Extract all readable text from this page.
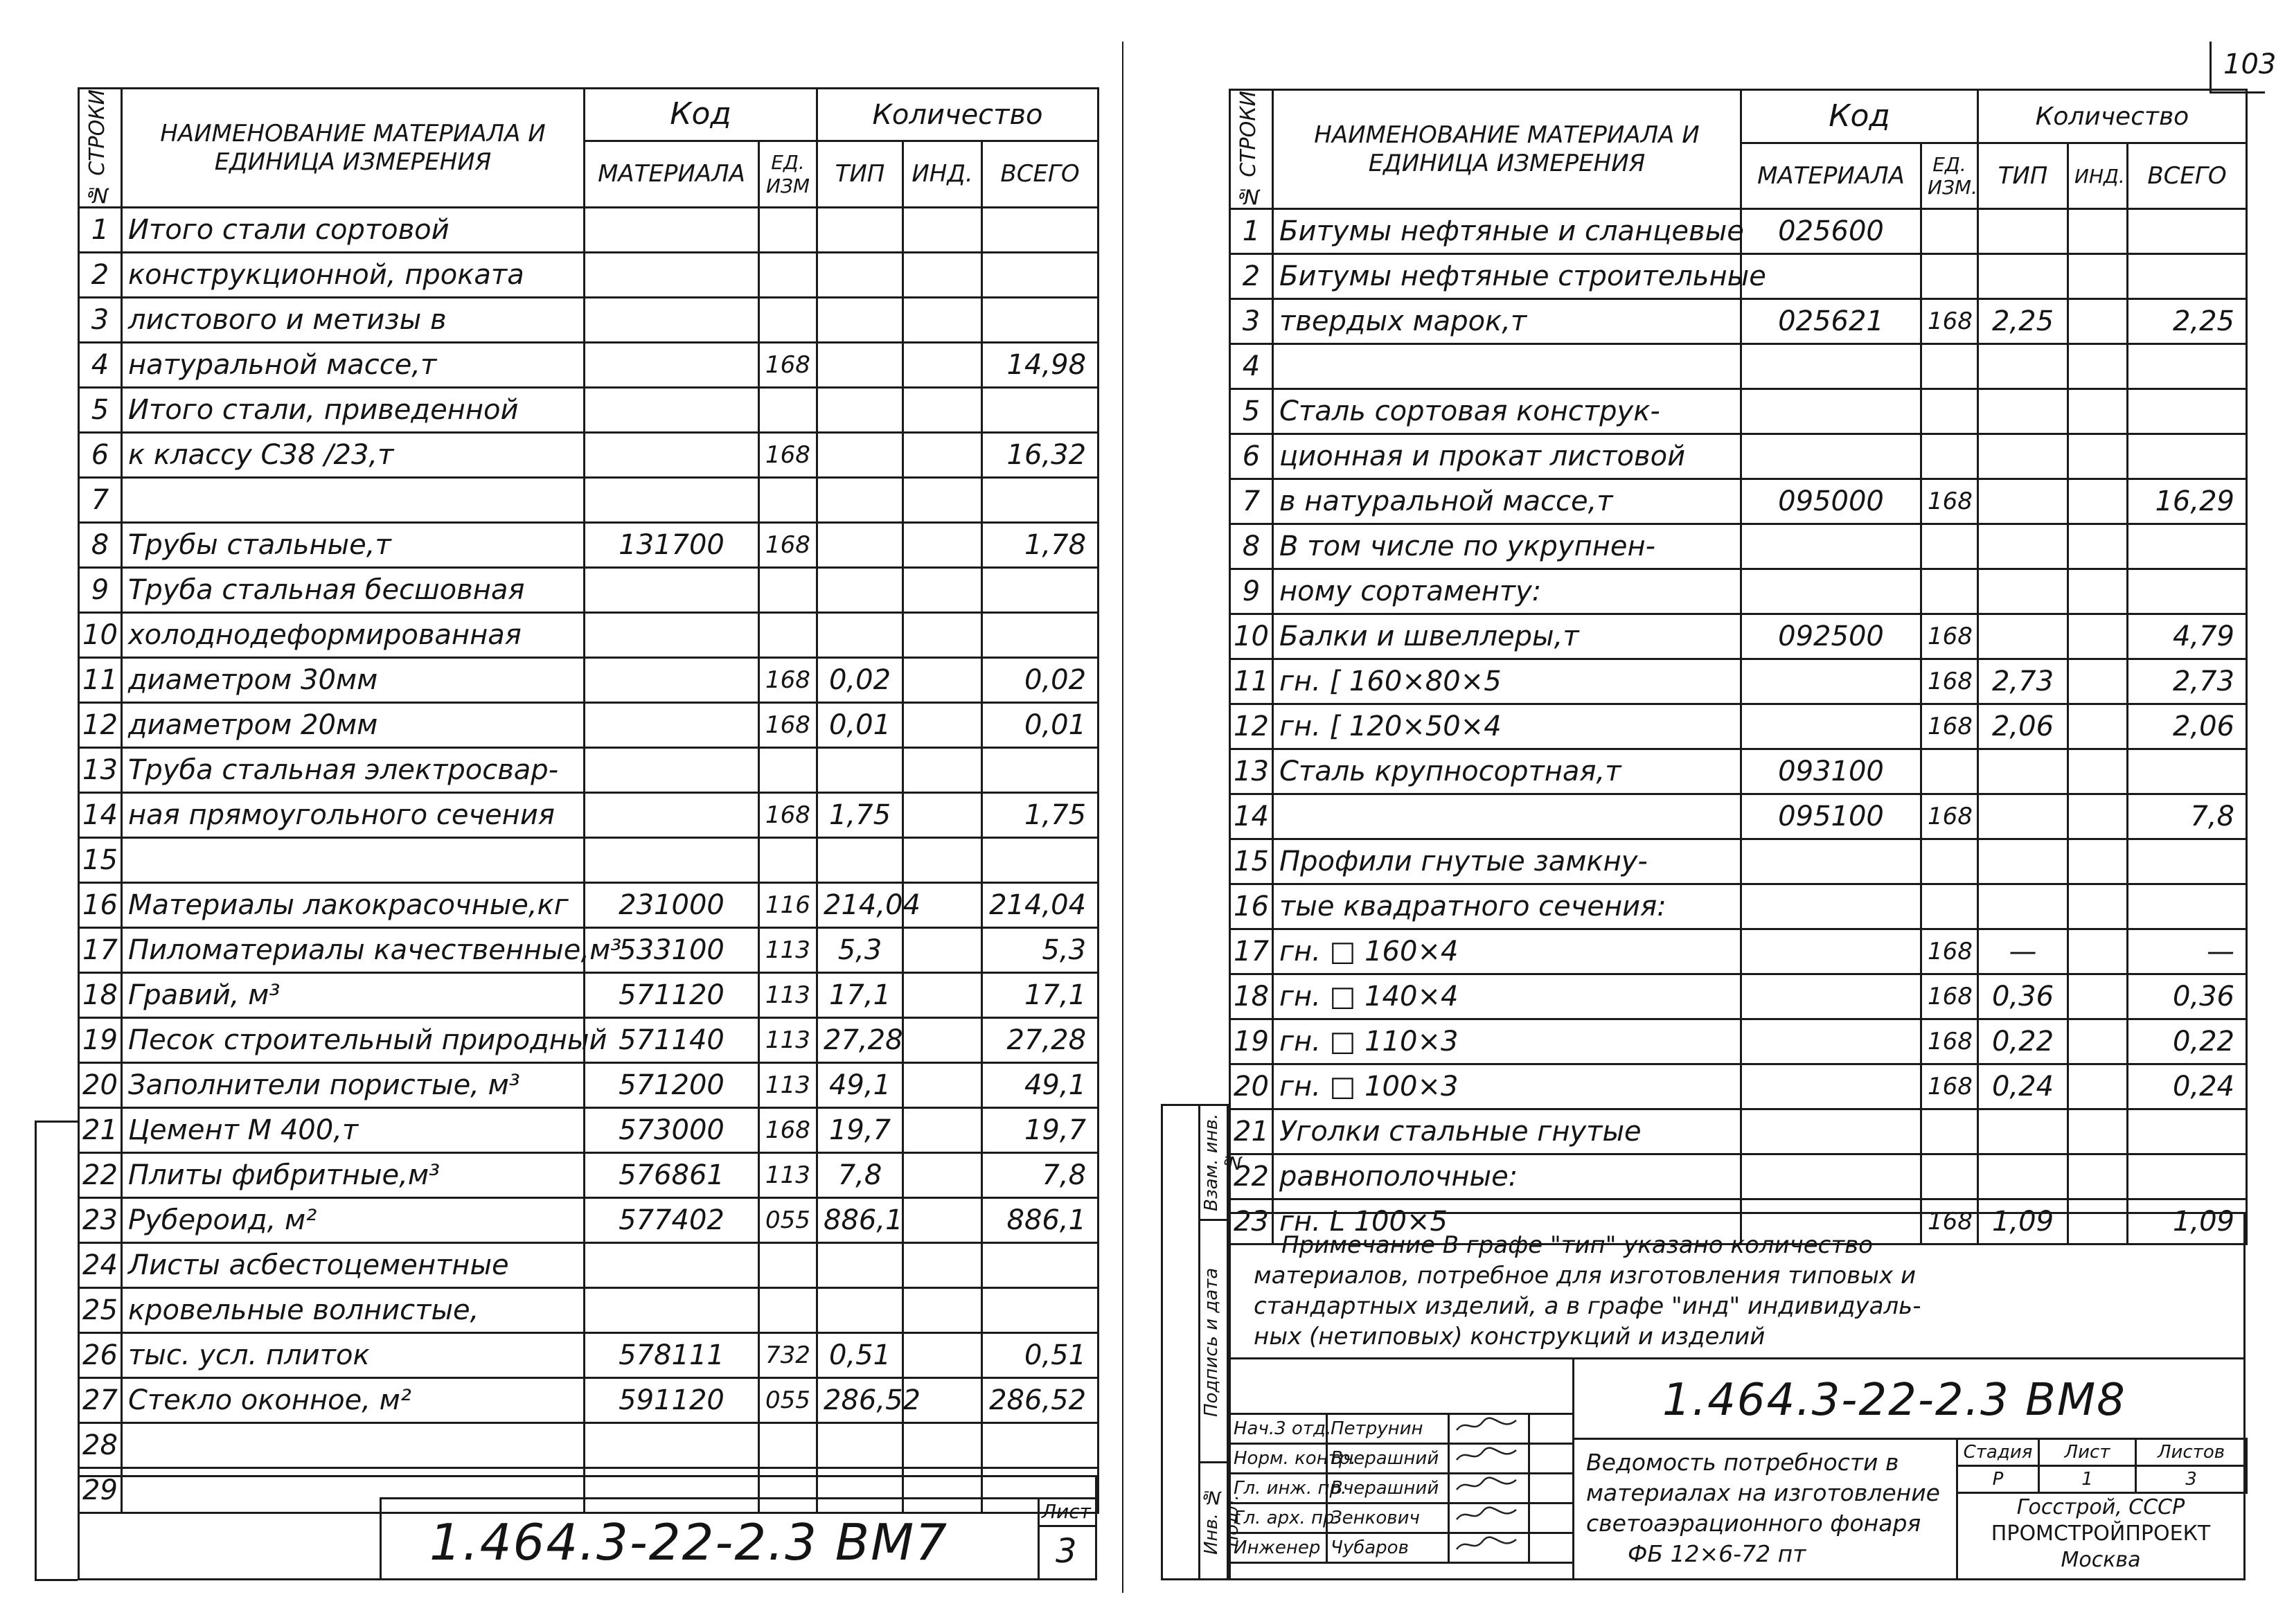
№ СТРОКИ	НАИМЕНОВАНИЕ МАТЕРИАЛА И ЕДИНИЦА ИЗМЕРЕНИЯ	Код		Количество		
		МАТЕРИАЛА	ЕД. ИЗМ	ТИП	ИНД.	ВСЕГО
1	Итого стали сортовой					
2	конструкционной, проката					
3	листового и метизы в					
4	натуральной массе,т		168			14,98
5	Итого стали, приведенной					
6	к классу С38 /23,т		168			16,32
7						
8	Трубы стальные,т	131700	168			1,78
9	Труба стальная бесшовная					
10	холоднодеформированная					
11	диаметром 30мм		168	0,02		0,02
12	диаметром 20мм		168	0,01		0,01
13	Труба стальная электросвар-					
14	ная прямоугольного сечения		168	1,75		1,75
15						
16	Материалы лакокрасочные,кг	231000	116	214,04		214,04
17	Пиломатериалы качественные,м³	533100	113	5,3		5,3
18	Гравий, м³	571120	113	17,1		17,1
19	Песок строительный природный	571140	113	27,28		27,28
20	Заполнители пористые, м³	571200	113	49,1		49,1
21	Цемент М 400,т	573000	168	19,7		19,7
22	Плиты фибритные,м³	576861	113	7,8		7,8
23	Рубероид, м²	577402	055	886,1		886,1
24	Листы асбестоцементные					
25	кровельные волнистые,					
26	тыс. усл. плиток	578111	732	0,51		0,51
27	Стекло оконное, м²	591120	055	286,52		286,52
28						
29						
1.464.3-22-2.3 ВМ7
Лист
3
103
№ СТРОКИ	НАИМЕНОВАНИЕ МАТЕРИАЛА И ЕДИНИЦА ИЗМЕРЕНИЯ	Код		Количество		
		МАТЕРИАЛА	ЕД. ИЗМ.	ТИП	ИНД.	ВСЕГО
1	Битумы нефтяные и сланцевые	025600				
2	Битумы нефтяные строительные					
3	твердых марок,т	025621	168	2,25		2,25
4						
5	Сталь сортовая конструк-					
6	ционная и прокат листовой					
7	в натуральной массе,т	095000	168			16,29
8	В том числе по укрупнен-					
9	ному сортаменту:					
10	Балки и швеллеры,т	092500	168			4,79
11	гн. [ 160×80×5		168	2,73		2,73
12	гн. [ 120×50×4		168	2,06		2,06
13	Сталь крупносортная,т	093100				
14		095100	168			7,8
15	Профили гнутые замкну-					
16	тые квадратного сечения:					
17	гн. □ 160×4		168	—		—
18	гн. □ 140×4		168	0,36		0,36
19	гн. □ 110×3		168	0,22		0,22
20	гн. □ 100×3		168	0,24		0,24
21	Уголки стальные гнутые					
22	равнополочные:					
23	гн. L 100×5		168	1,09		1,09
Примечание В графе "тип" указано количество
материалов, потребное для изготовления типовых и
стандартных изделий, а в графе "инд" индивидуаль-
ных (нетиповых) конструкций и изделий
Инв. № подл.
Подпись и дата
Взам. инв. №
Нач.3 отд.	Петрунин		
Норм. контр.	Вчерашний		
Гл. инж. пр.	Вчерашний		
Гл. арх. пр.	Зенкович		
Инженер	Чубаров		
1.464.3-22-2.3 ВМ8
Ведомость потребности в
материалах на изготовление
светоаэрационного фонаря
ФБ 12×6-72 пт
Стадия	Лист	Листов
Р	1	3
Госстрой, СССР
ПРОМСТРОЙПРОЕКТ
Москва
